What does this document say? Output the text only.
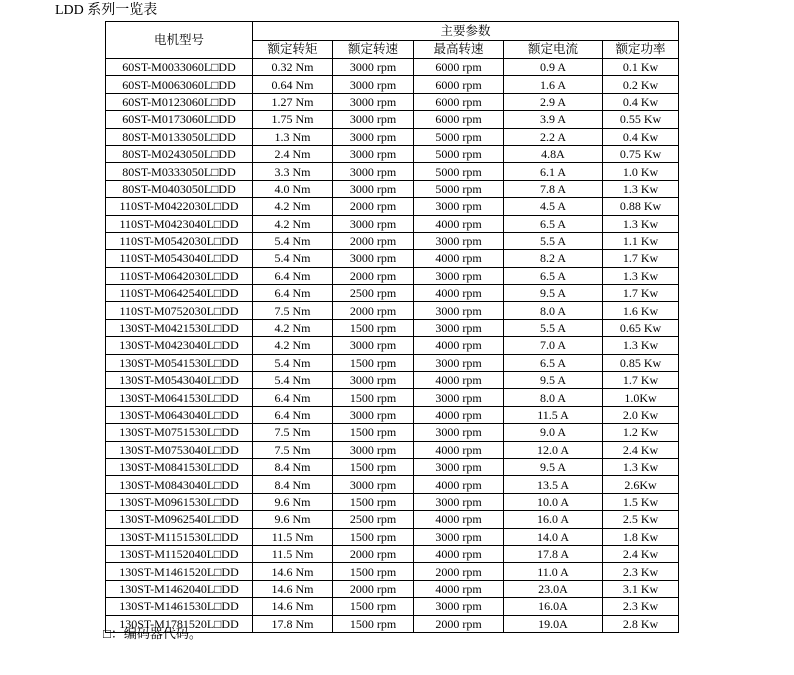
LDD 系列一览表
电机型号	主要参数				
	额定转矩	额定转速	最高转速	额定电流	额定功率
60ST-M0033060L□DD	0.32 Nm	3000 rpm	6000 rpm	0.9 A	0.1 Kw
60ST-M0063060L□DD	0.64 Nm	3000 rpm	6000 rpm	1.6 A	0.2 Kw
60ST-M0123060L□DD	1.27 Nm	3000 rpm	6000 rpm	2.9 A	0.4 Kw
60ST-M0173060L□DD	1.75 Nm	3000 rpm	6000 rpm	3.9 A	0.55 Kw
80ST-M0133050L□DD	1.3 Nm	3000 rpm	5000 rpm	2.2 A	0.4 Kw
80ST-M0243050L□DD	2.4 Nm	3000 rpm	5000 rpm	4.8A	0.75 Kw
80ST-M0333050L□DD	3.3 Nm	3000 rpm	5000 rpm	6.1 A	1.0 Kw
80ST-M0403050L□DD	4.0 Nm	3000 rpm	5000 rpm	7.8 A	1.3 Kw
110ST-M0422030L□DD	4.2 Nm	2000 rpm	3000 rpm	4.5 A	0.88 Kw
110ST-M0423040L□DD	4.2 Nm	3000 rpm	4000 rpm	6.5 A	1.3 Kw
110ST-M0542030L□DD	5.4 Nm	2000 rpm	3000 rpm	5.5 A	1.1 Kw
110ST-M0543040L□DD	5.4 Nm	3000 rpm	4000 rpm	8.2 A	1.7 Kw
110ST-M0642030L□DD	6.4 Nm	2000 rpm	3000 rpm	6.5 A	1.3 Kw
110ST-M0642540L□DD	6.4 Nm	2500 rpm	4000 rpm	9.5 A	1.7 Kw
110ST-M0752030L□DD	7.5 Nm	2000 rpm	3000 rpm	8.0 A	1.6 Kw
130ST-M0421530L□DD	4.2 Nm	1500 rpm	3000 rpm	5.5 A	0.65 Kw
130ST-M0423040L□DD	4.2 Nm	3000 rpm	4000 rpm	7.0 A	1.3 Kw
130ST-M0541530L□DD	5.4 Nm	1500 rpm	3000 rpm	6.5 A	0.85 Kw
130ST-M0543040L□DD	5.4 Nm	3000 rpm	4000 rpm	9.5 A	1.7 Kw
130ST-M0641530L□DD	6.4 Nm	1500 rpm	3000 rpm	8.0 A	1.0Kw
130ST-M0643040L□DD	6.4 Nm	3000 rpm	4000 rpm	11.5 A	2.0 Kw
130ST-M0751530L□DD	7.5 Nm	1500 rpm	3000 rpm	9.0 A	1.2 Kw
130ST-M0753040L□DD	7.5 Nm	3000 rpm	4000 rpm	12.0 A	2.4 Kw
130ST-M0841530L□DD	8.4 Nm	1500 rpm	3000 rpm	9.5 A	1.3 Kw
130ST-M0843040L□DD	8.4 Nm	3000 rpm	4000 rpm	13.5 A	2.6Kw
130ST-M0961530L□DD	9.6 Nm	1500 rpm	3000 rpm	10.0 A	1.5 Kw
130ST-M0962540L□DD	9.6 Nm	2500 rpm	4000 rpm	16.0 A	2.5 Kw
130ST-M1151530L□DD	11.5 Nm	1500 rpm	3000 rpm	14.0 A	1.8 Kw
130ST-M1152040L□DD	11.5 Nm	2000 rpm	4000 rpm	17.8 A	2.4 Kw
130ST-M1461520L□DD	14.6 Nm	1500 rpm	2000 rpm	11.0 A	2.3 Kw
130ST-M1462040L□DD	14.6 Nm	2000 rpm	4000 rpm	23.0A	3.1 Kw
130ST-M1461530L□DD	14.6 Nm	1500 rpm	3000 rpm	16.0A	2.3 Kw
130ST-M1781520L□DD	17.8 Nm	1500 rpm	2000 rpm	19.0A	2.8 Kw
□：编码器代码。
